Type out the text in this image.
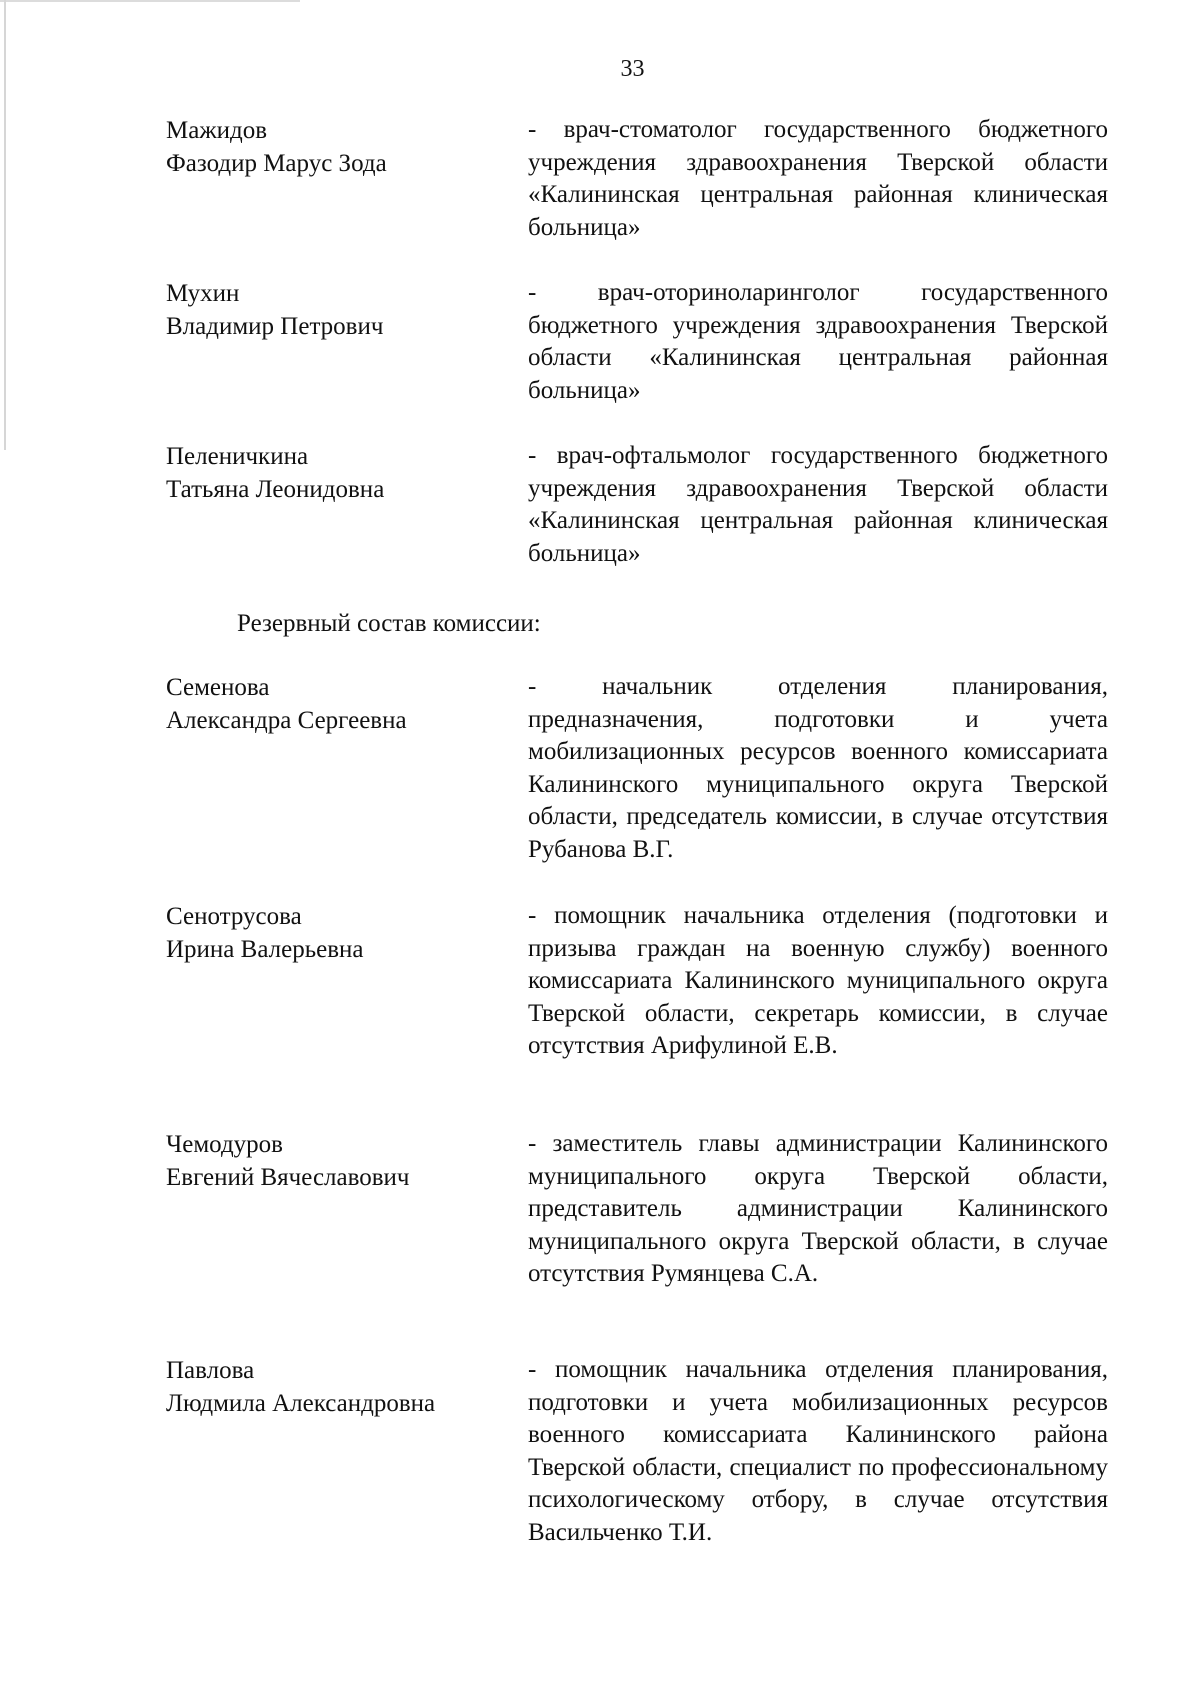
33
Мажидов
Фазодир Марус Зода
- врач-стоматолог государственного бюджетного учреждения здравоохранения Тверской области «Калининская центральная районная клиническая больница»
Мухин
Владимир Петрович
- врач-оториноларинголог государственного бюджетного учреждения здравоохранения Тверской области «Калининская центральная районная больница»
Пеленичкина
Татьяна Леонидовна
- врач-офтальмолог государственного бюджетного учреждения здравоохранения Тверской области «Калининская центральная районная клиническая больница»
Резервный состав комиссии:
Семенова
Александра Сергеевна
- начальник отделения планирования, предназначения, подготовки и учета мобилизационных ресурсов военного комиссариата Калининского муниципального округа Тверской области, председатель комиссии, в случае отсутствия Рубанова В.Г.
Сенотрусова
Ирина Валерьевна
- помощник начальника отделения (подготовки и призыва граждан на военную службу) военного комиссариата Калининского муниципального округа Тверской области, секретарь комиссии, в случае отсутствия Арифулиной Е.В.
Чемодуров
Евгений Вячеславович
- заместитель главы администрации Калининского муниципального округа Тверской области, представитель администрации Калининского муниципального округа Тверской области, в случае отсутствия Румянцева С.А.
Павлова
Людмила Александровна
- помощник начальника отделения планирования, подготовки и учета мобилизационных ресурсов военного комиссариата Калининского района Тверской области, специалист по профессиональному психологическому отбору, в случае отсутствия Васильченко Т.И.
